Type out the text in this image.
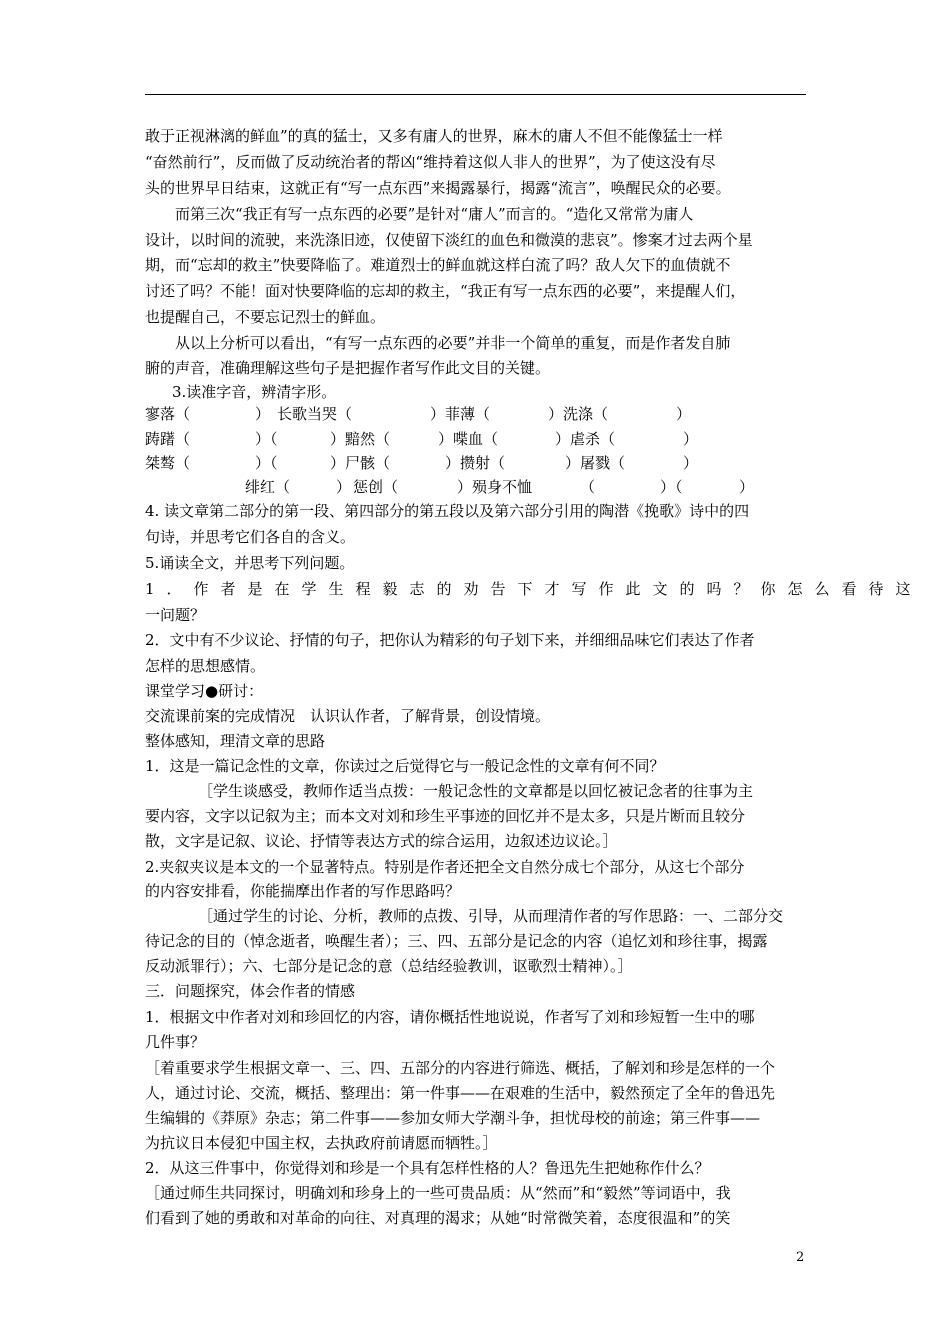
敢于正视淋漓的鲜血”的真的猛士，又多有庸人的世界，麻木的庸人不但不能像猛士一样
“奋然前行”，反而做了反动统治者的帮凶“维持着这似人非人的世界”，为了使这没有尽
头的世界早日结束，这就正有“写一点东西”来揭露暴行，揭露“流言”，唤醒民众的必要。
而第三次“我正有写一点东西的必要”是针对“庸人”而言的。“造化又常常为庸人
设计，以时间的流驶，来洗涤旧迹，仅使留下淡红的血色和微漠的悲哀”。惨案才过去两个星
期，而“忘却的救主”快要降临了。难道烈士的鲜血就这样白流了吗？敌人欠下的血债就不
讨还了吗？不能！面对快要降临的忘却的救主，“我正有写一点东西的必要”，来提醒人们，
也提醒自己，不要忘记烈士的鲜血。
从以上分析可以看出，“有写一点东西的必要”并非一个简单的重复，而是作者发自肺
腑的声音，准确理解这些句子是把握作者写作此文目的关键。
3.读准字音，辨清字形。
寥落（	） 长歌当哭（	）菲薄（	）洗涤（	）
踌躇（	）（	）黯然（	）喋血（	）虐杀（	）
桀骜（	）（	）尸骸（	）攒射（	）屠戮（	）
绯红（	） 惩创（	）殒身不恤	（	）（	）
4. 读文章第二部分的第一段、第四部分的第五段以及第六部分引用的陶潜《挽歌》诗中的四
句诗，并思考它们各自的含义。
5.诵读全文，并思考下列问题。
1．作者是在学生程毅志的劝告下才写作此文的吗？你怎么看待这
一问题？
2．文中有不少议论、抒情的句子，把你认为精彩的句子划下来，并细细品味它们表达了作者
怎样的思想感情。
课堂学习●研讨：
交流课前案的完成情况　认识认作者，了解背景，创设情境。
整体感知，理清文章的思路
1．这是一篇记念性的文章，你读过之后觉得它与一般记念性的文章有何不同？
［学生谈感受，教师作适当点拨：一般记念性的文章都是以回忆被记念者的往事为主
要内容，文字以记叙为主；而本文对刘和珍生平事迹的回忆并不是太多，只是片断而且较分
散，文字是记叙、议论、抒情等表达方式的综合运用，边叙述边议论。］
2.夹叙夹议是本文的一个显著特点。特别是作者还把全文自然分成七个部分，从这七个部分
的内容安排看，你能揣摩出作者的写作思路吗？
［通过学生的讨论、分析，教师的点拨、引导，从而理清作者的写作思路：一、二部分交
待记念的目的（悼念逝者，唤醒生者）；三、四、五部分是记念的内容（追忆刘和珍往事，揭露
反动派罪行）；六、七部分是记念的意（总结经验教训，讴歌烈士精神）。］
三．问题探究，体会作者的情感
1．根据文中作者对刘和珍回忆的内容，请你概括性地说说，作者写了刘和珍短暂一生中的哪
几件事？
［着重要求学生根据文章一、三、四、五部分的内容进行筛选、概括，了解刘和珍是怎样的一个
人，通过讨论、交流，概括、整理出：第一件事——在艰难的生活中，毅然预定了全年的鲁迅先
生编辑的《莽原》杂志；第二件事——参加女师大学潮斗争，担忧母校的前途；第三件事——
为抗议日本侵犯中国主权，去执政府前请愿而牺牲。］
2．从这三件事中，你觉得刘和珍是一个具有怎样性格的人？鲁迅先生把她称作什么？
［通过师生共同探讨，明确刘和珍身上的一些可贵品质：从“然而”和“毅然”等词语中，我
们看到了她的勇敢和对革命的向往、对真理的渴求；从她“时常微笑着，态度很温和”的笑
2
